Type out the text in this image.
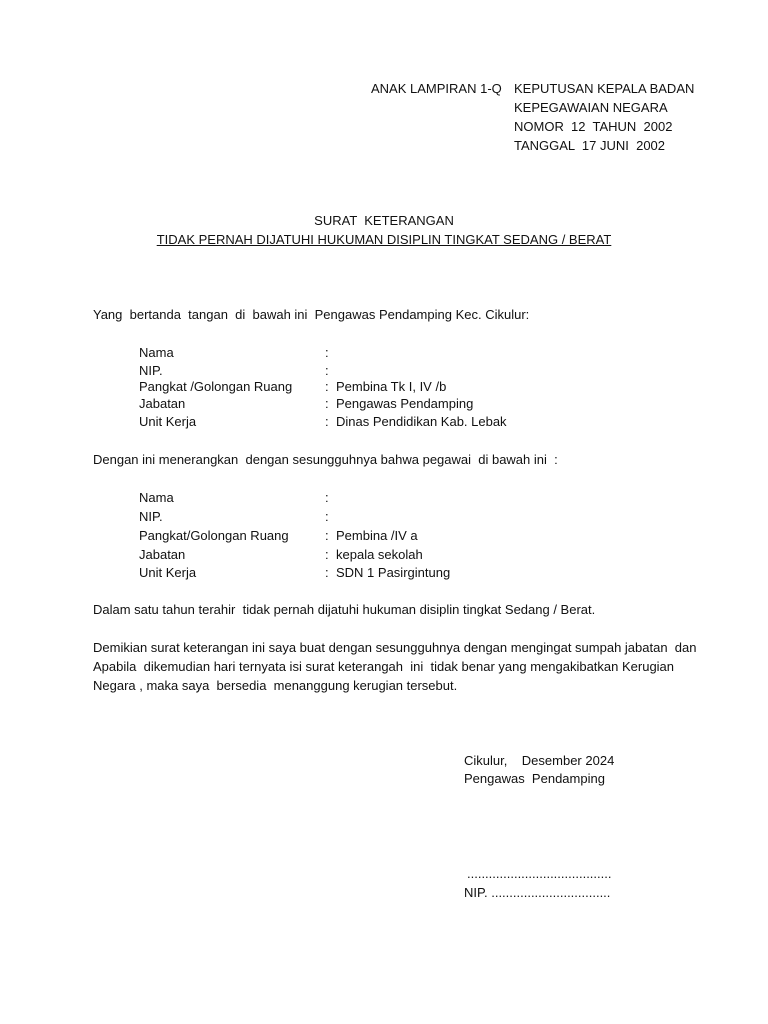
ANAK LAMPIRAN 1-Q KEPUTUSAN KEPALA BADAN
KEPEGAWAIAN NEGARA
NOMOR  12  TAHUN  2002
TANGGAL  17 JUNI  2002
SURAT  KETERANGAN
TIDAK PERNAH DIJATUHI HUKUMAN DISIPLIN TINGKAT SEDANG / BERAT
Yang  bertanda  tangan  di  bawah ini  Pengawas Pendamping Kec. Cikulur:
Nama	:
NIP.	:
Pangkat /Golongan Ruang	: Pembina Tk I, IV /b
Jabatan	: Pengawas Pendamping
Unit Kerja	: Dinas Pendidikan Kab. Lebak
Dengan ini menerangkan  dengan sesungguhnya bahwa pegawai  di bawah ini  :
Nama	:
NIP.	:
Pangkat/Golongan Ruang	: Pembina /IV a
Jabatan	: kepala sekolah
Unit Kerja	: SDN 1 Pasirgintung
Dalam satu tahun terahir  tidak pernah dijatuhi hukuman disiplin tingkat Sedang / Berat.
Demikian surat keterangan ini saya buat dengan sesungguhnya dengan mengingat sumpah jabatan  dan
Apabila  dikemudian hari ternyata isi surat keterangah  ini  tidak benar yang mengakibatkan Kerugian
Negara , maka saya  bersedia  menanggung kerugian tersebut.
Cikulur,    Desember 2024
Pengawas  Pendamping
........................................
NIP. .................................
